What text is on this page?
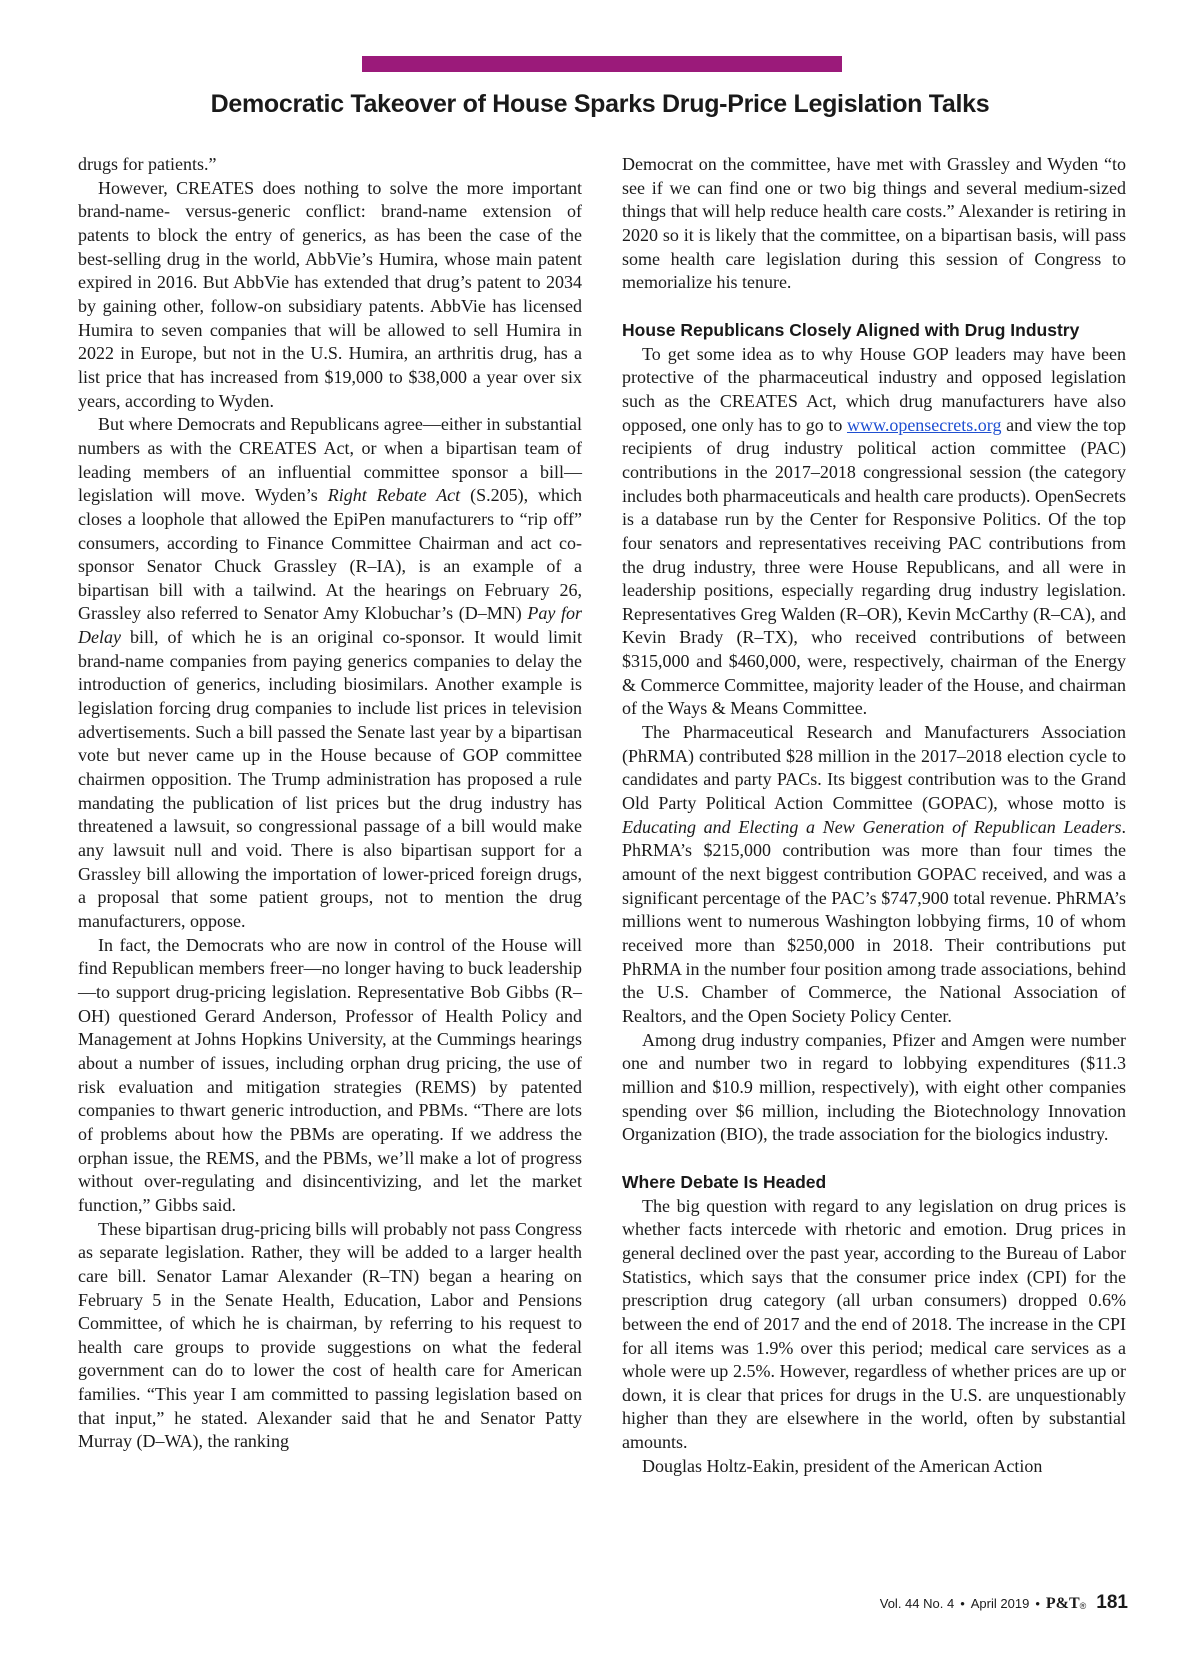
Democratic Takeover of House Sparks Drug-Price Legislation Talks

drugs for patients.”

However, CREATES does nothing to solve the more important brand-name- versus-generic conflict: brand-name extension of patents to block the entry of generics, as has been the case of the best-selling drug in the world, AbbVie’s Humira, whose main patent expired in 2016. But AbbVie has extended that drug’s patent to 2034 by gaining other, follow-on subsidiary patents. AbbVie has licensed Humira to seven companies that will be allowed to sell Humira in 2022 in Europe, but not in the U.S. Humira, an arthritis drug, has a list price that has increased from $19,000 to $38,000 a year over six years, according to Wyden.

But where Democrats and Republicans agree—either in substantial numbers as with the CREATES Act, or when a bipartisan team of leading members of an influential committee sponsor a bill—legislation will move. Wyden’s Right Rebate Act (S.205), which closes a loophole that allowed the EpiPen manufacturers to “rip off” consumers, according to Finance Committee Chairman and act co-sponsor Senator Chuck Grassley (R–IA), is an example of a bipartisan bill with a tailwind. At the hearings on February 26, Grassley also referred to Senator Amy Klobuchar’s (D–MN) Pay for Delay bill, of which he is an original co-sponsor. It would limit brand-name companies from paying generics companies to delay the introduction of generics, including biosimilars. Another example is legislation forcing drug companies to include list prices in television advertisements. Such a bill passed the Senate last year by a bipartisan vote but never came up in the House because of GOP committee chairmen opposition. The Trump administration has proposed a rule mandating the publication of list prices but the drug industry has threatened a lawsuit, so congressional passage of a bill would make any lawsuit null and void. There is also bipartisan support for a Grassley bill allowing the importation of lower-priced foreign drugs, a proposal that some patient groups, not to mention the drug manufacturers, oppose.

In fact, the Democrats who are now in control of the House will find Republican members freer—no longer having to buck leadership—to support drug-pricing legislation. Representative Bob Gibbs (R–OH) questioned Gerard Anderson, Professor of Health Policy and Management at Johns Hopkins University, at the Cummings hearings about a number of issues, including orphan drug pricing, the use of risk evaluation and mitigation strategies (REMS) by patented companies to thwart generic introduction, and PBMs. “There are lots of problems about how the PBMs are operating. If we address the orphan issue, the REMS, and the PBMs, we’ll make a lot of progress without over-regulating and disincentivizing, and let the market function,” Gibbs said.

These bipartisan drug-pricing bills will probably not pass Congress as separate legislation. Rather, they will be added to a larger health care bill. Senator Lamar Alexander (R–TN) began a hearing on February 5 in the Senate Health, Education, Labor and Pensions Committee, of which he is chairman, by referring to his request to health care groups to provide suggestions on what the federal government can do to lower the cost of health care for American families. “This year I am committed to passing legislation based on that input,” he stated. Alexander said that he and Senator Patty Murray (D–WA), the ranking

Democrat on the committee, have met with Grassley and Wyden “to see if we can find one or two big things and several medium-sized things that will help reduce health care costs.” Alexander is retiring in 2020 so it is likely that the committee, on a bipartisan basis, will pass some health care legislation during this session of Congress to memorialize his tenure.

House Republicans Closely Aligned with Drug Industry

To get some idea as to why House GOP leaders may have been protective of the pharmaceutical industry and opposed legislation such as the CREATES Act, which drug manufacturers have also opposed, one only has to go to www.opensecrets.org and view the top recipients of drug industry political action committee (PAC) contributions in the 2017–2018 congressional session (the category includes both pharmaceuticals and health care products). OpenSecrets is a database run by the Center for Responsive Politics. Of the top four senators and representatives receiving PAC contributions from the drug industry, three were House Republicans, and all were in leadership positions, especially regarding drug industry legislation. Representatives Greg Walden (R–OR), Kevin McCarthy (R–CA), and Kevin Brady (R–TX), who received contributions of between $315,000 and $460,000, were, respectively, chairman of the Energy & Commerce Committee, majority leader of the House, and chairman of the Ways & Means Committee.

The Pharmaceutical Research and Manufacturers Association (PhRMA) contributed $28 million in the 2017–2018 election cycle to candidates and party PACs. Its biggest contribution was to the Grand Old Party Political Action Committee (GOPAC), whose motto is Educating and Electing a New Generation of Republican Leaders. PhRMA’s $215,000 contribution was more than four times the amount of the next biggest contribution GOPAC received, and was a significant percentage of the PAC’s $747,900 total revenue. PhRMA’s millions went to numerous Washington lobbying firms, 10 of whom received more than $250,000 in 2018. Their contributions put PhRMA in the number four position among trade associations, behind the U.S. Chamber of Commerce, the National Association of Realtors, and the Open Society Policy Center.

Among drug industry companies, Pfizer and Amgen were number one and number two in regard to lobbying expenditures ($11.3 million and $10.9 million, respectively), with eight other companies spending over $6 million, including the Biotechnology Innovation Organization (BIO), the trade association for the biologics industry.

Where Debate Is Headed

The big question with regard to any legislation on drug prices is whether facts intercede with rhetoric and emotion. Drug prices in general declined over the past year, according to the Bureau of Labor Statistics, which says that the consumer price index (CPI) for the prescription drug category (all urban consumers) dropped 0.6% between the end of 2017 and the end of 2018. The increase in the CPI for all items was 1.9% over this period; medical care services as a whole were up 2.5%. However, regardless of whether prices are up or down, it is clear that prices for drugs in the U.S. are unquestionably higher than they are elsewhere in the world, often by substantial amounts.

Douglas Holtz-Eakin, president of the American Action

Vol. 44 No. 4 • April 2019 • P&T® 181
